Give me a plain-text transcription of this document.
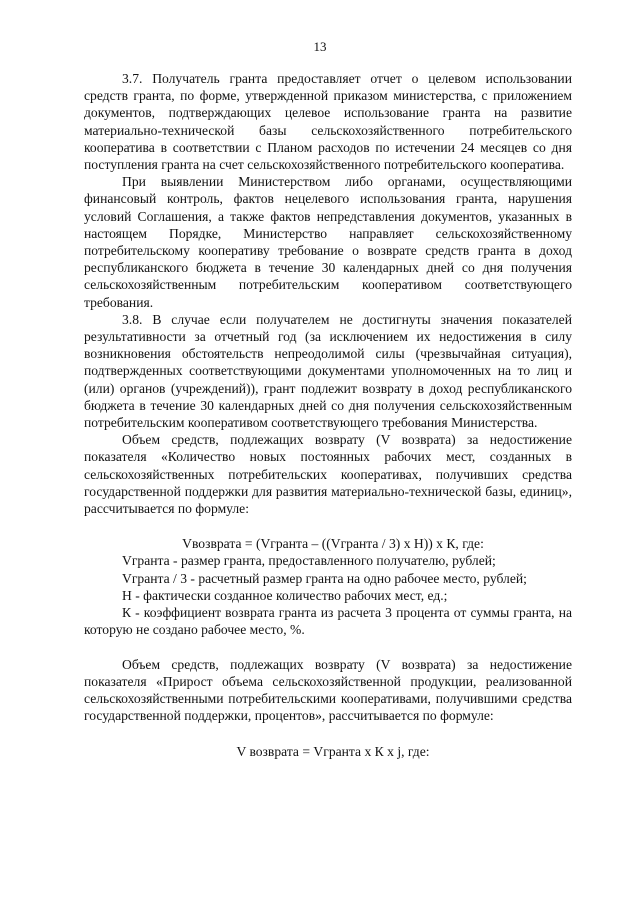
13

3.7. Получатель гранта предоставляет отчет о целевом использовании средств гранта, по форме, утвержденной приказом министерства, с приложением документов, подтверждающих целевое использование гранта на развитие материально-технической базы сельскохозяйственного потребительского кооператива в соответствии с Планом расходов по истечении 24 месяцев со дня поступления гранта на счет сельскохозяйственного потребительского кооператива.

При выявлении Министерством либо органами, осуществляющими финансовый контроль, фактов нецелевого использования гранта, нарушения условий Соглашения, а также фактов непредставления документов, указанных в настоящем Порядке, Министерство направляет сельскохозяйственному потребительскому кооперативу требование о возврате средств гранта в доход республиканского бюджета в течение 30 календарных дней со дня получения сельскохозяйственным потребительским кооперативом соответствующего требования.

3.8. В случае если получателем не достигнуты значения показателей результативности за отчетный год (за исключением их недостижения в силу возникновения обстоятельств непреодолимой силы (чрезвычайная ситуация), подтвержденных соответствующими документами уполномоченных на то лиц и (или) органов (учреждений)), грант подлежит возврату в доход республиканского бюджета в течение 30 календарных дней со дня получения сельскохозяйственным потребительским кооперативом соответствующего требования Министерства.

Объем средств, подлежащих возврату (V возврата) за недостижение показателя «Количество новых постоянных рабочих мест, созданных в сельскохозяйственных потребительских кооперативах, получивших средства государственной поддержки для развития материально-технической базы, единиц», рассчитывается по формуле:

Vвозврата = (Vгранта – ((Vгранта / 3) x Н)) x К, где:

Vгранта - размер гранта, предоставленного получателю, рублей;

Vгранта / 3 - расчетный размер гранта на одно рабочее место, рублей;

Н - фактически созданное количество рабочих мест, ед.;

К - коэффициент возврата гранта из расчета 3 процента от суммы гранта, на которую не создано рабочее место, %.

Объем средств, подлежащих возврату (V возврата) за недостижение показателя «Прирост объема сельскохозяйственной продукции, реализованной сельскохозяйственными потребительскими кооперативами, получившими средства государственной поддержки, процентов», рассчитывается по формуле:

V возврата = Vгранта x К x j, где:
